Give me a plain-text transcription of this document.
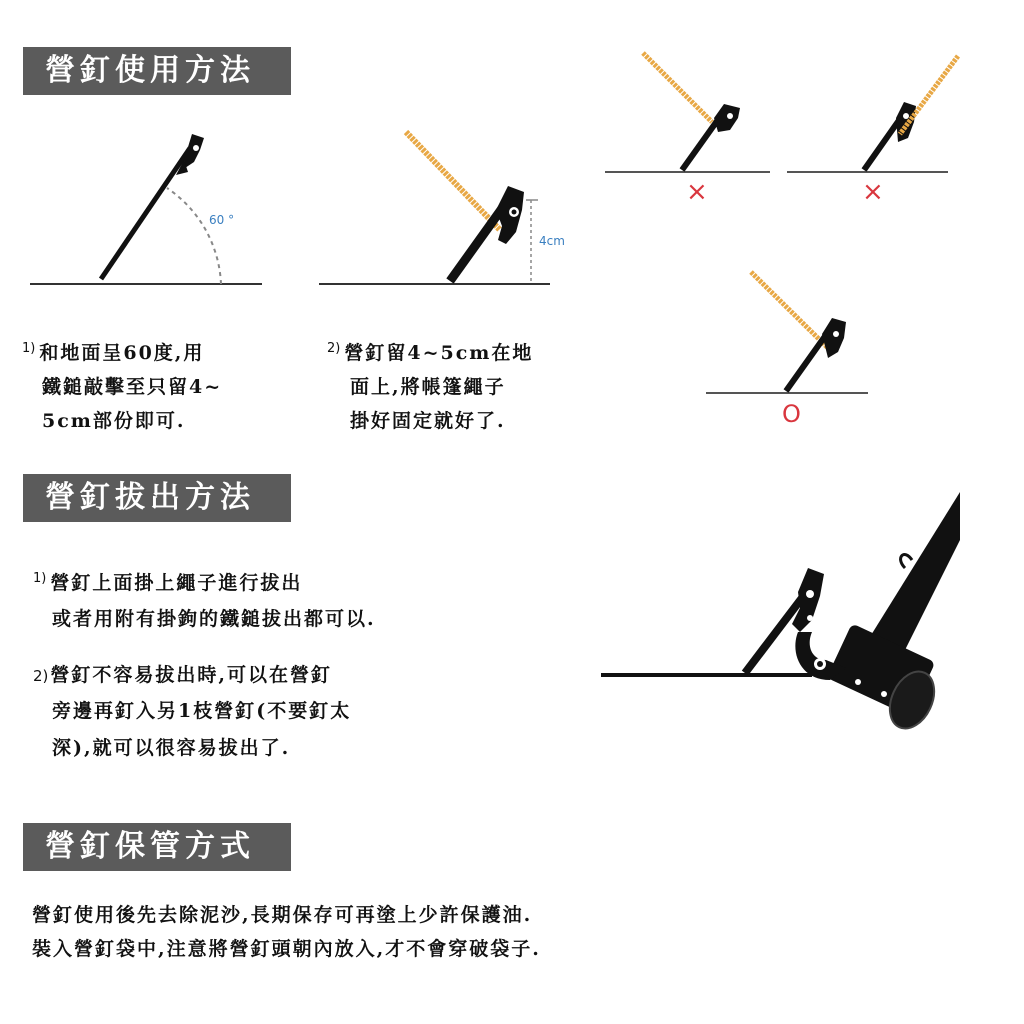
營釘使用方法
營釘拔出方法
營釘保管方式
60 °
4cm
×	×
O
$^{1)}$ 和地面呈60度,用
鐵鎚敲擊至只留4~
5cm部份即可.
$^{2)}$ 營釘留4~5cm在地
面上,將帳篷繩子
掛好固定就好了.
$^{1)}$ 營釘上面掛上繩子進行拔出
或者用附有掛鉤的鐵鎚拔出都可以.
2) 營釘不容易拔出時,可以在營釘
旁邊再釘入另1枝營釘(不要釘太
深),就可以很容易拔出了.
營釘使用後先去除泥沙,長期保存可再塗上少許保護油.
裝入營釘袋中,注意將營釘頭朝內放入,才不會穿破袋子.
